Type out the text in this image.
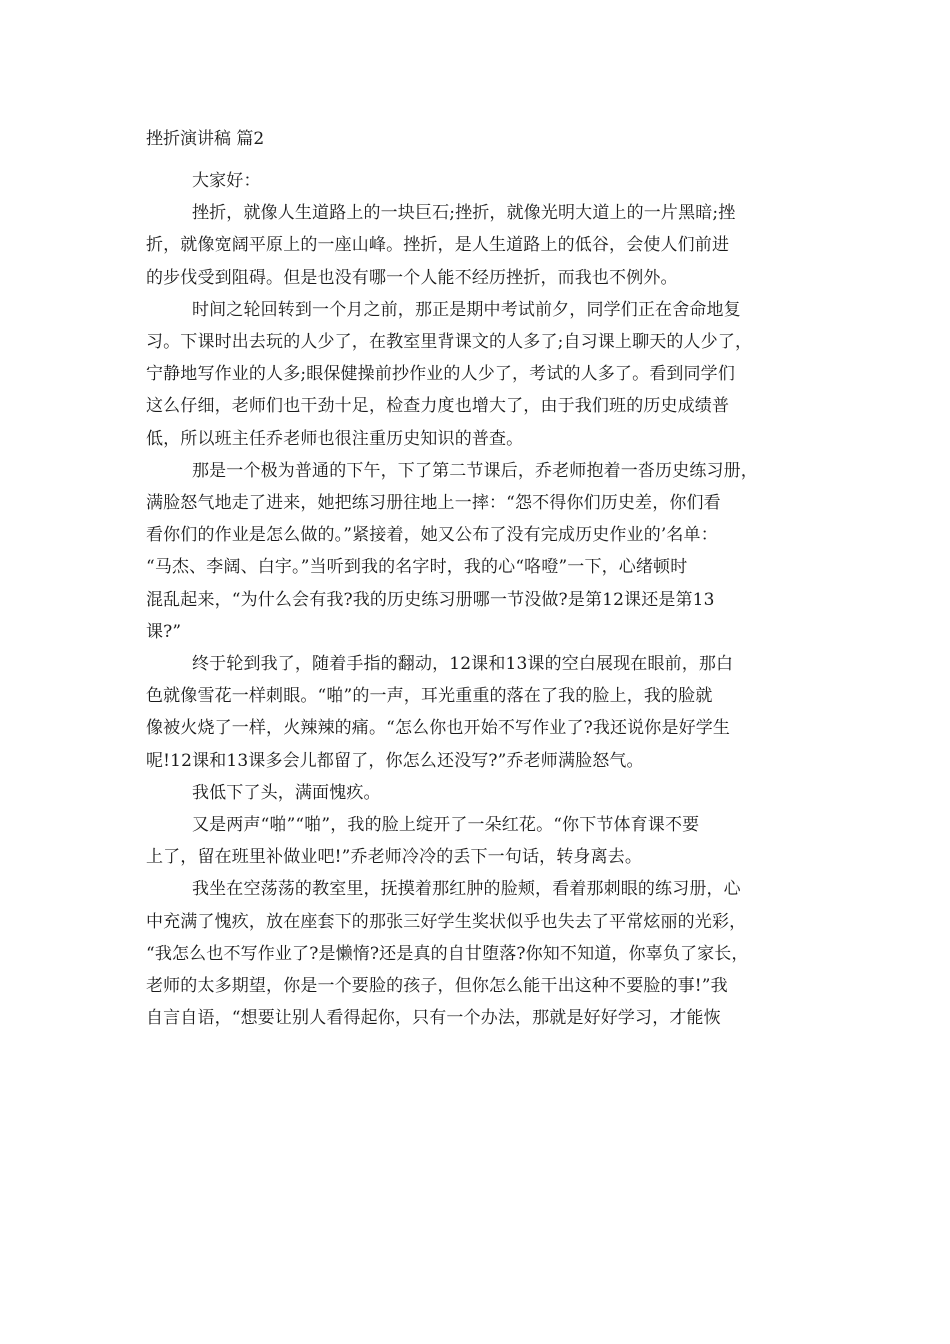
挫折演讲稿 篇2
大家好：
挫折，就像人生道路上的一块巨石;挫折，就像光明大道上的一片黑暗;挫
折，就像宽阔平原上的一座山峰。挫折，是人生道路上的低谷，会使人们前进
的步伐受到阻碍。但是也没有哪一个人能不经历挫折，而我也不例外。
时间之轮回转到一个月之前，那正是期中考试前夕，同学们正在舍命地复
习。下课时出去玩的人少了，在教室里背课文的人多了;自习课上聊天的人少了，
宁静地写作业的人多;眼保健操前抄作业的人少了，考试的人多了。看到同学们
这么仔细，老师们也干劲十足，检查力度也增大了，由于我们班的历史成绩普
低，所以班主任乔老师也很注重历史知识的普查。
那是一个极为普通的下午，下了第二节课后，乔老师抱着一沓历史练习册，
满脸怒气地走了进来，她把练习册往地上一摔：“怨不得你们历史差，你们看
看你们的作业是怎么做的。”紧接着，她又公布了没有完成历史作业的’名单：
“马杰、李阔、白宇。”当听到我的名字时，我的心“咯噔”一下，心绪顿时
混乱起来，“为什么会有我?我的历史练习册哪一节没做?是第12课还是第13
课?”
终于轮到我了，随着手指的翻动，12课和13课的空白展现在眼前，那白
色就像雪花一样刺眼。“啪”的一声，耳光重重的落在了我的脸上，我的脸就
像被火烧了一样，火辣辣的痛。“怎么你也开始不写作业了?我还说你是好学生
呢!12课和13课多会儿都留了，你怎么还没写?”乔老师满脸怒气。
我低下了头，满面愧疚。
又是两声“啪”“啪”，我的脸上绽开了一朵红花。“你下节体育课不要
上了，留在班里补做业吧!”乔老师冷冷的丢下一句话，转身离去。
我坐在空荡荡的教室里，抚摸着那红肿的脸颊，看着那刺眼的练习册，心
中充满了愧疚，放在座套下的那张三好学生奖状似乎也失去了平常炫丽的光彩，
“我怎么也不写作业了?是懒惰?还是真的自甘堕落?你知不知道，你辜负了家长，
老师的太多期望，你是一个要脸的孩子，但你怎么能干出这种不要脸的事!”我
自言自语，“想要让别人看得起你，只有一个办法，那就是好好学习，才能恢
